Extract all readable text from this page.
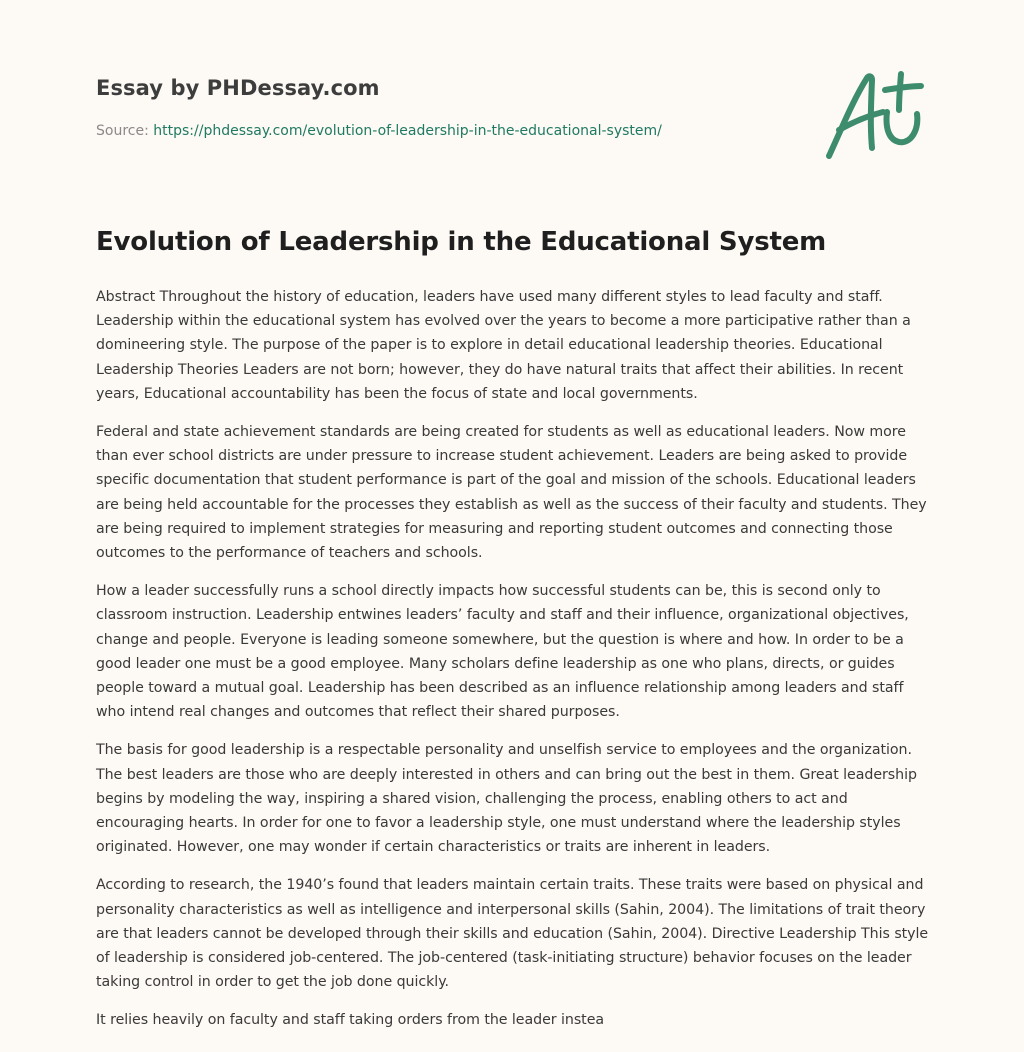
Essay by PHDessay.com
Source: https://phdessay.com/evolution-of-leadership-in-the-educational-system/
Evolution of Leadership in the Educational System

Abstract Throughout the history of education, leaders have used many different styles to lead faculty and staff. Leadership within the educational system has evolved over the years to become a more participative rather than a domineering style. The purpose of the paper is to explore in detail educational leadership theories. Educational Leadership Theories Leaders are not born; however, they do have natural traits that affect their abilities. In recent years, Educational accountability has been the focus of state and local governments.

Federal and state achievement standards are being created for students as well as educational leaders. Now more than ever school districts are under pressure to increase student achievement. Leaders are being asked to provide specific documentation that student performance is part of the goal and mission of the schools. Educational leaders are being held accountable for the processes they establish as well as the success of their faculty and students. They are being required to implement strategies for measuring and reporting student outcomes and connecting those outcomes to the performance of teachers and schools.

How a leader successfully runs a school directly impacts how successful students can be, this is second only to classroom instruction. Leadership entwines leaders’ faculty and staff and their influence, organizational objectives, change and people. Everyone is leading someone somewhere, but the question is where and how. In order to be a good leader one must be a good employee. Many scholars define leadership as one who plans, directs, or guides people toward a mutual goal. Leadership has been described as an influence relationship among leaders and staff who intend real changes and outcomes that reflect their shared purposes.

The basis for good leadership is a respectable personality and unselfish service to employees and the organization. The best leaders are those who are deeply interested in others and can bring out the best in them. Great leadership begins by modeling the way, inspiring a shared vision, challenging the process, enabling others to act and encouraging hearts. In order for one to favor a leadership style, one must understand where the leadership styles originated. However, one may wonder if certain characteristics or traits are inherent in leaders.

According to research, the 1940’s found that leaders maintain certain traits. These traits were based on physical and personality characteristics as well as intelligence and interpersonal skills (Sahin, 2004). The limitations of trait theory are that leaders cannot be developed through their skills and education (Sahin, 2004). Directive Leadership This style of leadership is considered job-centered. The job-centered (task-initiating structure) behavior focuses on the leader taking control in order to get the job done quickly.

It relies heavily on faculty and staff taking orders from the leader instea
